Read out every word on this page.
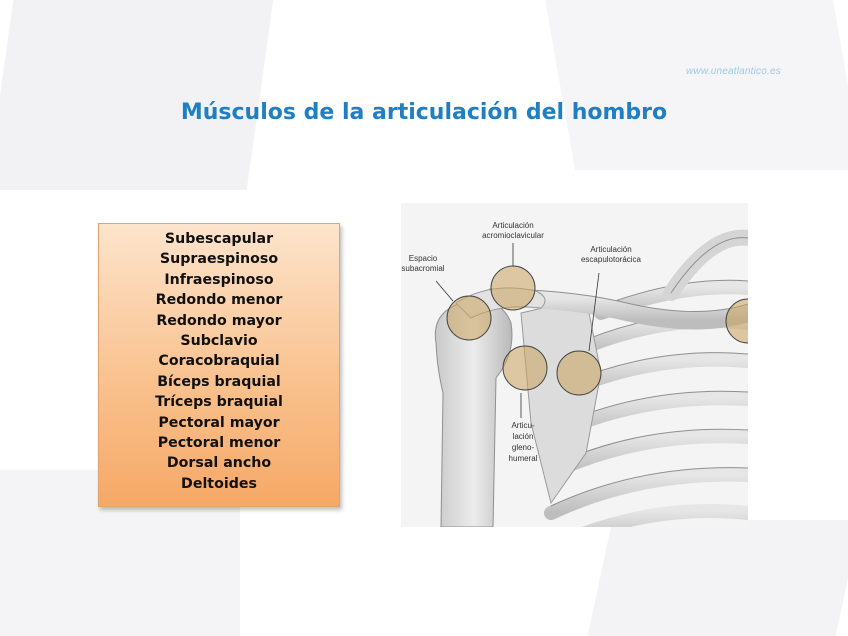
www.uneatlantico.es
Músculos de la articulación del hombro
Subescapular
Supraespinoso
Infraespinoso
Redondo menor
Redondo mayor
Subclavio
Coracobraquial
Bíceps braquial
Tríceps braquial
Pectoral mayor
Pectoral menor
Dorsal ancho
Deltoides
Articulación
acromioclavicular
Espacio
subacromial
Articulación
escapulotorácica
Articu-
lación
gleno-
humeral
